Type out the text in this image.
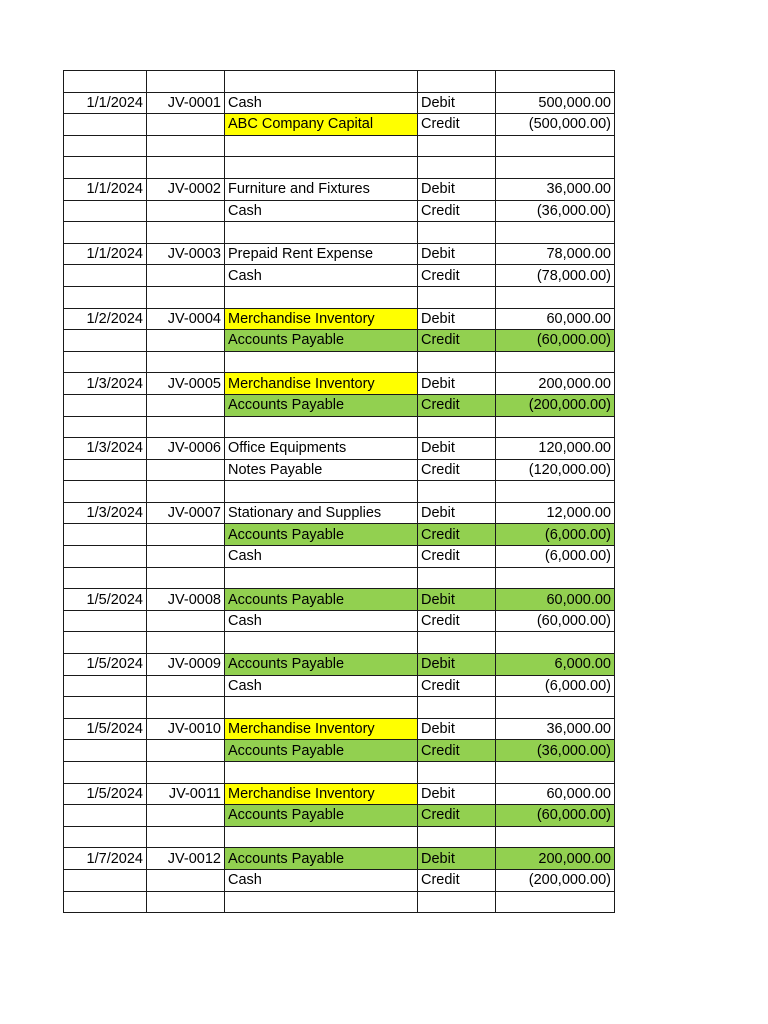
1/1/2024	JV-0001	Cash	Debit	500,000.00
		ABC Company Capital	Credit	(500,000.00)

1/1/2024	JV-0002	Furniture and Fixtures	Debit	36,000.00
		Cash	Credit	(36,000.00)

1/1/2024	JV-0003	Prepaid Rent Expense	Debit	78,000.00
		Cash	Credit	(78,000.00)

1/2/2024	JV-0004	Merchandise Inventory	Debit	60,000.00
		Accounts Payable	Credit	(60,000.00)

1/3/2024	JV-0005	Merchandise Inventory	Debit	200,000.00
		Accounts Payable	Credit	(200,000.00)

1/3/2024	JV-0006	Office Equipments	Debit	120,000.00
		Notes Payable	Credit	(120,000.00)

1/3/2024	JV-0007	Stationary and Supplies	Debit	12,000.00
		Accounts Payable	Credit	(6,000.00)
		Cash	Credit	(6,000.00)

1/5/2024	JV-0008	Accounts Payable	Debit	60,000.00
		Cash	Credit	(60,000.00)

1/5/2024	JV-0009	Accounts Payable	Debit	6,000.00
		Cash	Credit	(6,000.00)

1/5/2024	JV-0010	Merchandise Inventory	Debit	36,000.00
		Accounts Payable	Credit	(36,000.00)

1/5/2024	JV-0011	Merchandise Inventory	Debit	60,000.00
		Accounts Payable	Credit	(60,000.00)

1/7/2024	JV-0012	Accounts Payable	Debit	200,000.00
		Cash	Credit	(200,000.00)
